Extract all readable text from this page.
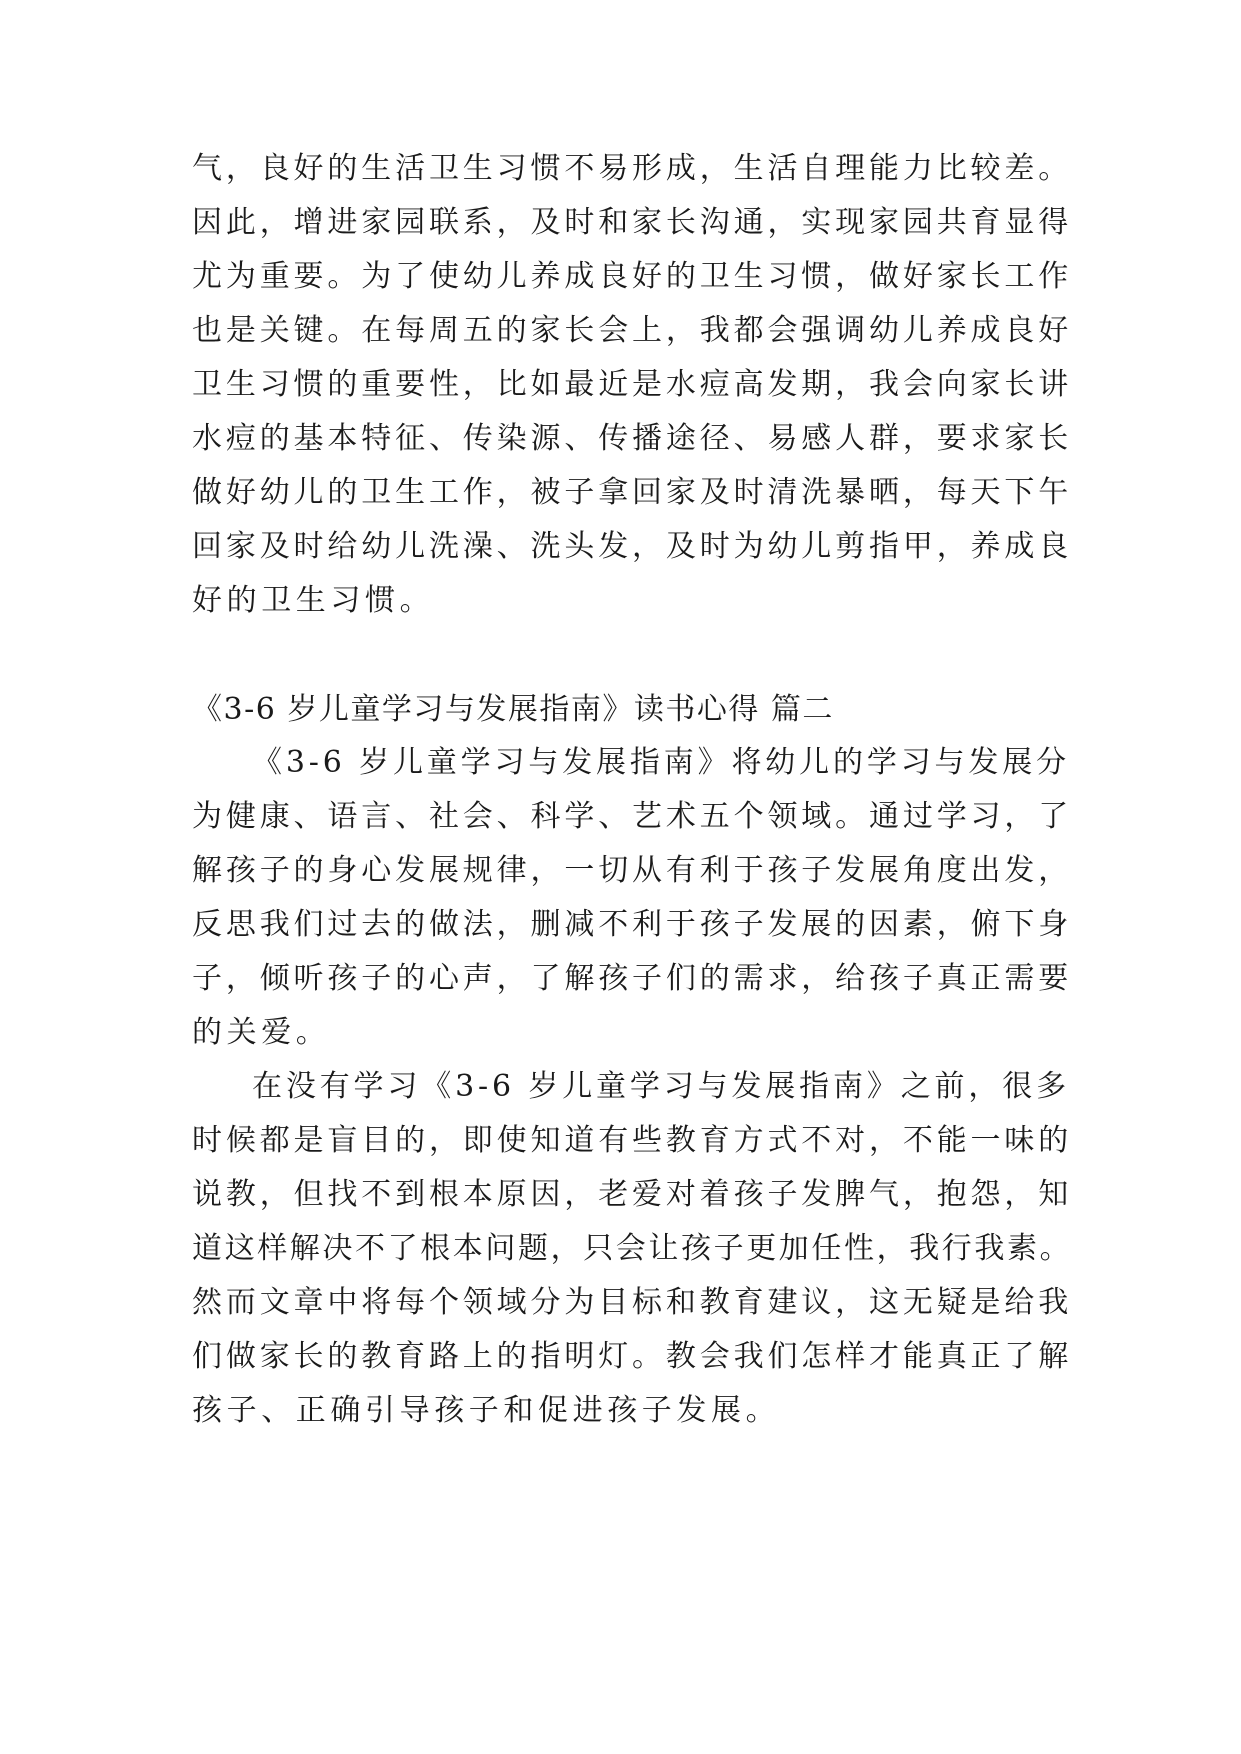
气，良好的生活卫生习惯不易形成，生活自理能力比较差。
因此，增进家园联系，及时和家长沟通，实现家园共育显得
尤为重要。为了使幼儿养成良好的卫生习惯，做好家长工作
也是关键。在每周五的家长会上，我都会强调幼儿养成良好
卫生习惯的重要性，比如最近是水痘高发期，我会向家长讲
水痘的基本特征、传染源、传播途径、易感人群，要求家长
做好幼儿的卫生工作，被子拿回家及时清洗暴晒，每天下午
回家及时给幼儿洗澡、洗头发，及时为幼儿剪指甲，养成良
好的卫生习惯。
《3-6 岁儿童学习与发展指南》读书心得 篇二
《3-6 岁儿童学习与发展指南》将幼儿的学习与发展分
为健康、语言、社会、科学、艺术五个领域。通过学习，了
解孩子的身心发展规律，一切从有利于孩子发展角度出发，
反思我们过去的做法，删减不利于孩子发展的因素，俯下身
子，倾听孩子的心声，了解孩子们的需求，给孩子真正需要
的关爱。
在没有学习《3-6 岁儿童学习与发展指南》之前，很多
时候都是盲目的，即使知道有些教育方式不对，不能一味的
说教，但找不到根本原因，老爱对着孩子发脾气，抱怨，知
道这样解决不了根本问题，只会让孩子更加任性，我行我素。
然而文章中将每个领域分为目标和教育建议，这无疑是给我
们做家长的教育路上的指明灯。教会我们怎样才能真正了解
孩子、正确引导孩子和促进孩子发展。
